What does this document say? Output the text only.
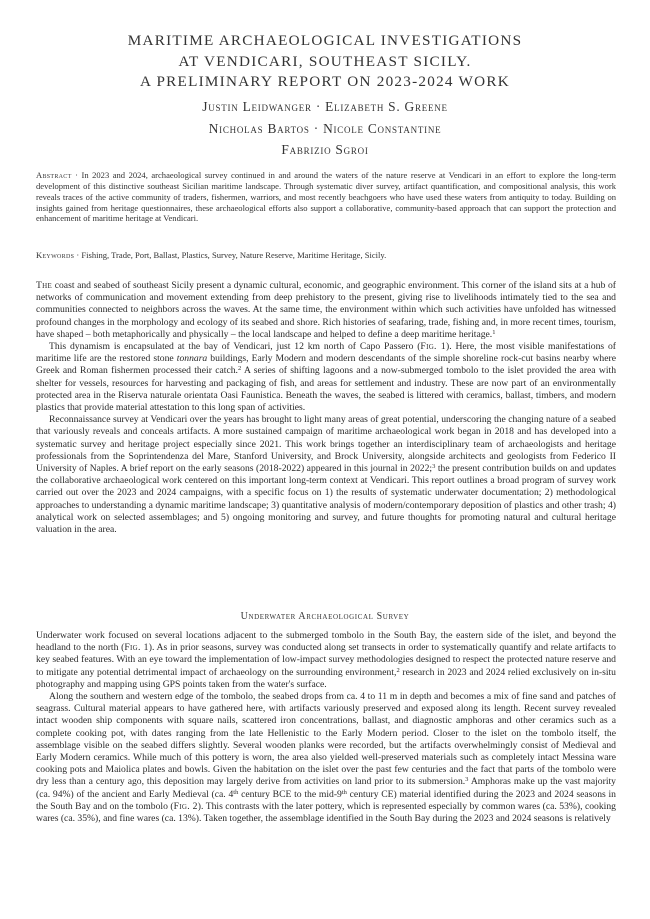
MARITIME ARCHAEOLOGICAL INVESTIGATIONS
AT VENDICARI, SOUTHEAST SICILY.
A PRELIMINARY REPORT ON 2023-2024 WORK
Justin Leidwanger · Elizabeth S. Greene
Nicholas Bartos · Nicole Constantine
Fabrizio Sgroi
Abstract · In 2023 and 2024, archaeological survey continued in and around the waters of the nature reserve at Vendicari in an effort to explore the long-term development of this distinctive southeast Sicilian maritime landscape. Through systematic diver survey, artifact quantification, and compositional analysis, this work reveals traces of the active community of traders, fishermen, warriors, and most recently beachgoers who have used these waters from antiquity to today. Building on insights gained from heritage questionnaires, these archaeological efforts also support a collaborative, community-based approach that can support the protection and enhancement of maritime heritage at Vendicari.
Keywords · Fishing, Trade, Port, Ballast, Plastics, Survey, Nature Reserve, Maritime Heritage, Sicily.

The coast and seabed of southeast Sicily present a dynamic cultural, economic, and geographic environment. This corner of the island sits at a hub of networks of communication and movement extending from deep prehistory to the present, giving rise to livelihoods intimately tied to the sea and communities connected to neighbors across the waves. At the same time, the environment within which such activities have unfolded has witnessed profound changes in the morphology and ecology of its seabed and shore. Rich histories of seafaring, trade, fishing and, in more recent times, tourism, have shaped – both metaphorically and physically – the local landscape and helped to define a deep maritime heritage.$^1$

This dynamism is encapsulated at the bay of Vendicari, just 12 km north of Capo Passero (Fig. 1). Here, the most visible manifestations of maritime life are the restored stone tonnara buildings, Early Modern and modern descendants of the simple shoreline rock-cut basins nearby where Greek and Roman fishermen processed their catch.$^2$ A series of shifting lagoons and a now-submerged tombolo to the islet provided the area with shelter for vessels, resources for harvesting and packaging of fish, and areas for settlement and industry. These are now part of an environmentally protected area in the Riserva naturale orientata Oasi Faunistica. Beneath the waves, the seabed is littered with ceramics, ballast, timbers, and modern plastics that provide material attestation to this long span of activities.

Reconnaissance survey at Vendicari over the years has brought to light many areas of great potential, underscoring the changing nature of a seabed that variously reveals and conceals artifacts. A more sustained campaign of maritime archaeological work began in 2018 and has developed into a systematic survey and heritage project especially since 2021. This work brings together an interdisciplinary team of archaeologists and heritage professionals from the Soprintendenza del Mare, Stanford University, and Brock University, alongside architects and geologists from Federico II University of Naples. A brief report on the early seasons (2018-2022) appeared in this journal in 2022;$^3$ the present contribution builds on and updates the collaborative archaeological work centered on this important long-term context at Vendicari. This report outlines a broad program of survey work carried out over the 2023 and 2024 campaigns, with a specific focus on 1) the results of systematic underwater documentation; 2) methodological approaches to understanding a dynamic maritime landscape; 3) quantitative analysis of modern/contemporary deposition of plastics and other trash; 4) analytical work on selected assemblages; and 5) ongoing monitoring and survey, and future thoughts for promoting natural and cultural heritage valuation in the area.

Underwater Archaeological Survey

Underwater work focused on several locations adjacent to the submerged tombolo in the South Bay, the eastern side of the islet, and beyond the headland to the north (Fig. 1). As in prior seasons, survey was conducted along set transects in order to systematically quantify and relate artifacts to key seabed features. With an eye toward the implementation of low-impact survey methodologies designed to respect the protected nature reserve and to mitigate any potential detrimental impact of archaeology on the surrounding environment,$^2$ research in 2023 and 2024 relied exclusively on in-situ photography and mapping using GPS points taken from the water's surface.

Along the southern and western edge of the tombolo, the seabed drops from ca. 4 to 11 m in depth and becomes a mix of fine sand and patches of seagrass. Cultural material appears to have gathered here, with artifacts variously preserved and exposed along its length. Recent survey revealed intact wooden ship components with square nails, scattered iron concentrations, ballast, and diagnostic amphoras and other ceramics such as a complete cooking pot, with dates ranging from the late Hellenistic to the Early Modern period. Closer to the islet on the tombolo itself, the assemblage visible on the seabed differs slightly. Several wooden planks were recorded, but the artifacts overwhelmingly consist of Medieval and Early Modern ceramics. While much of this pottery is worn, the area also yielded well-preserved materials such as completely intact Messina ware cooking pots and Maiolica plates and bowls. Given the habitation on the islet over the past few centuries and the fact that parts of the tombolo were dry less than a century ago, this deposition may largely derive from activities on land prior to its submersion.$^3$ Amphoras make up the vast majority (ca. 94%) of the ancient and Early Medieval (ca. 4th century BCE to the mid-9th century CE) material identified during the 2023 and 2024 seasons in the South Bay and on the tombolo (Fig. 2). This contrasts with the later pottery, which is represented especially by common wares (ca. 53%), cooking wares (ca. 35%), and fine wares (ca. 13%). Taken together, the assemblage identified in the South Bay during the 2023 and 2024 seasons is relatively
